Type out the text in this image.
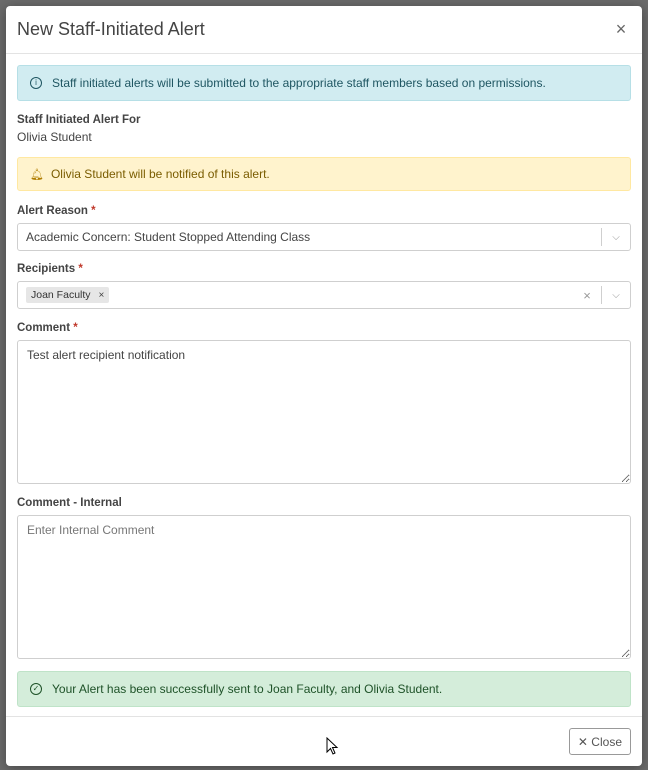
New Staff-Initiated Alert	×
i	Staff initiated alerts will be submitted to the appropriate staff members based on permissions.
Staff Initiated Alert For
Olivia Student
🔔︎ Olivia Student will be notified of this alert.
Alert Reason *
Academic Concern: Student Stopped Attending Class	⌵
Recipients *
Joan Faculty ×	×	⌵
Comment *
Test alert recipient notification
Comment - Internal
Enter Internal Comment
✓ Your Alert has been successfully sent to Joan Faculty, and Olivia Student.
✕ Close
